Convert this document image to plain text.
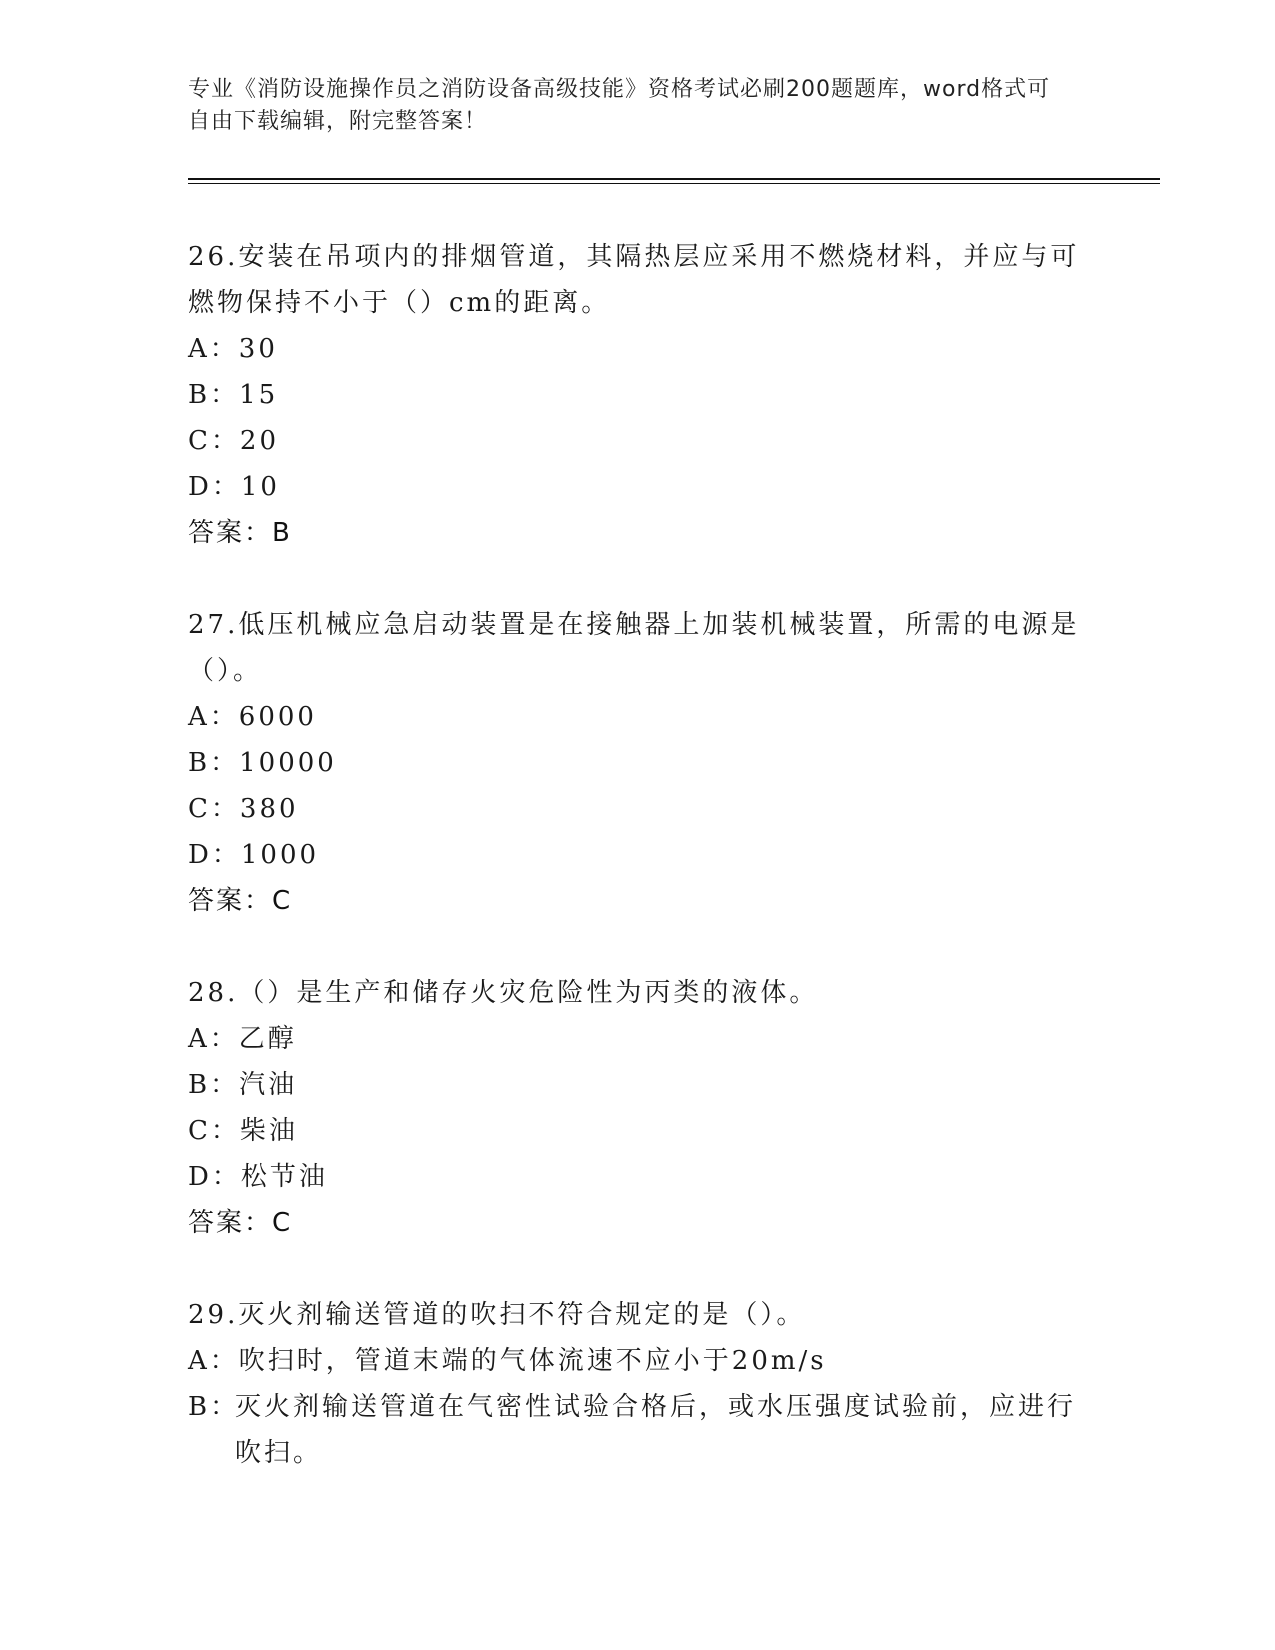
专业《消防设施操作员之消防设备高级技能》资格考试必刷200题题库，word格式可自由下载编辑，附完整答案！
26.安装在吊项内的排烟管道，其隔热层应采用不燃烧材料，并应与可燃物保持不小于（）cm的距离。
A： 30
B： 15
C： 20
D： 10
答案：B
27.低压机械应急启动装置是在接触器上加装机械装置，所需的电源是（）。
A： 6000
B： 10000
C： 380
D： 1000
答案：C
28.（）是生产和储存火灾危险性为丙类的液体。
A： 乙醇
B： 汽油
C： 柴油
D： 松节油
答案：C
29.灭火剂输送管道的吹扫不符合规定的是（）。
A： 吹扫时，管道末端的气体流速不应小于20m/s
B：
灭火剂输送管道在气密性试验合格后，或水压强度试验前，应进行吹扫。
